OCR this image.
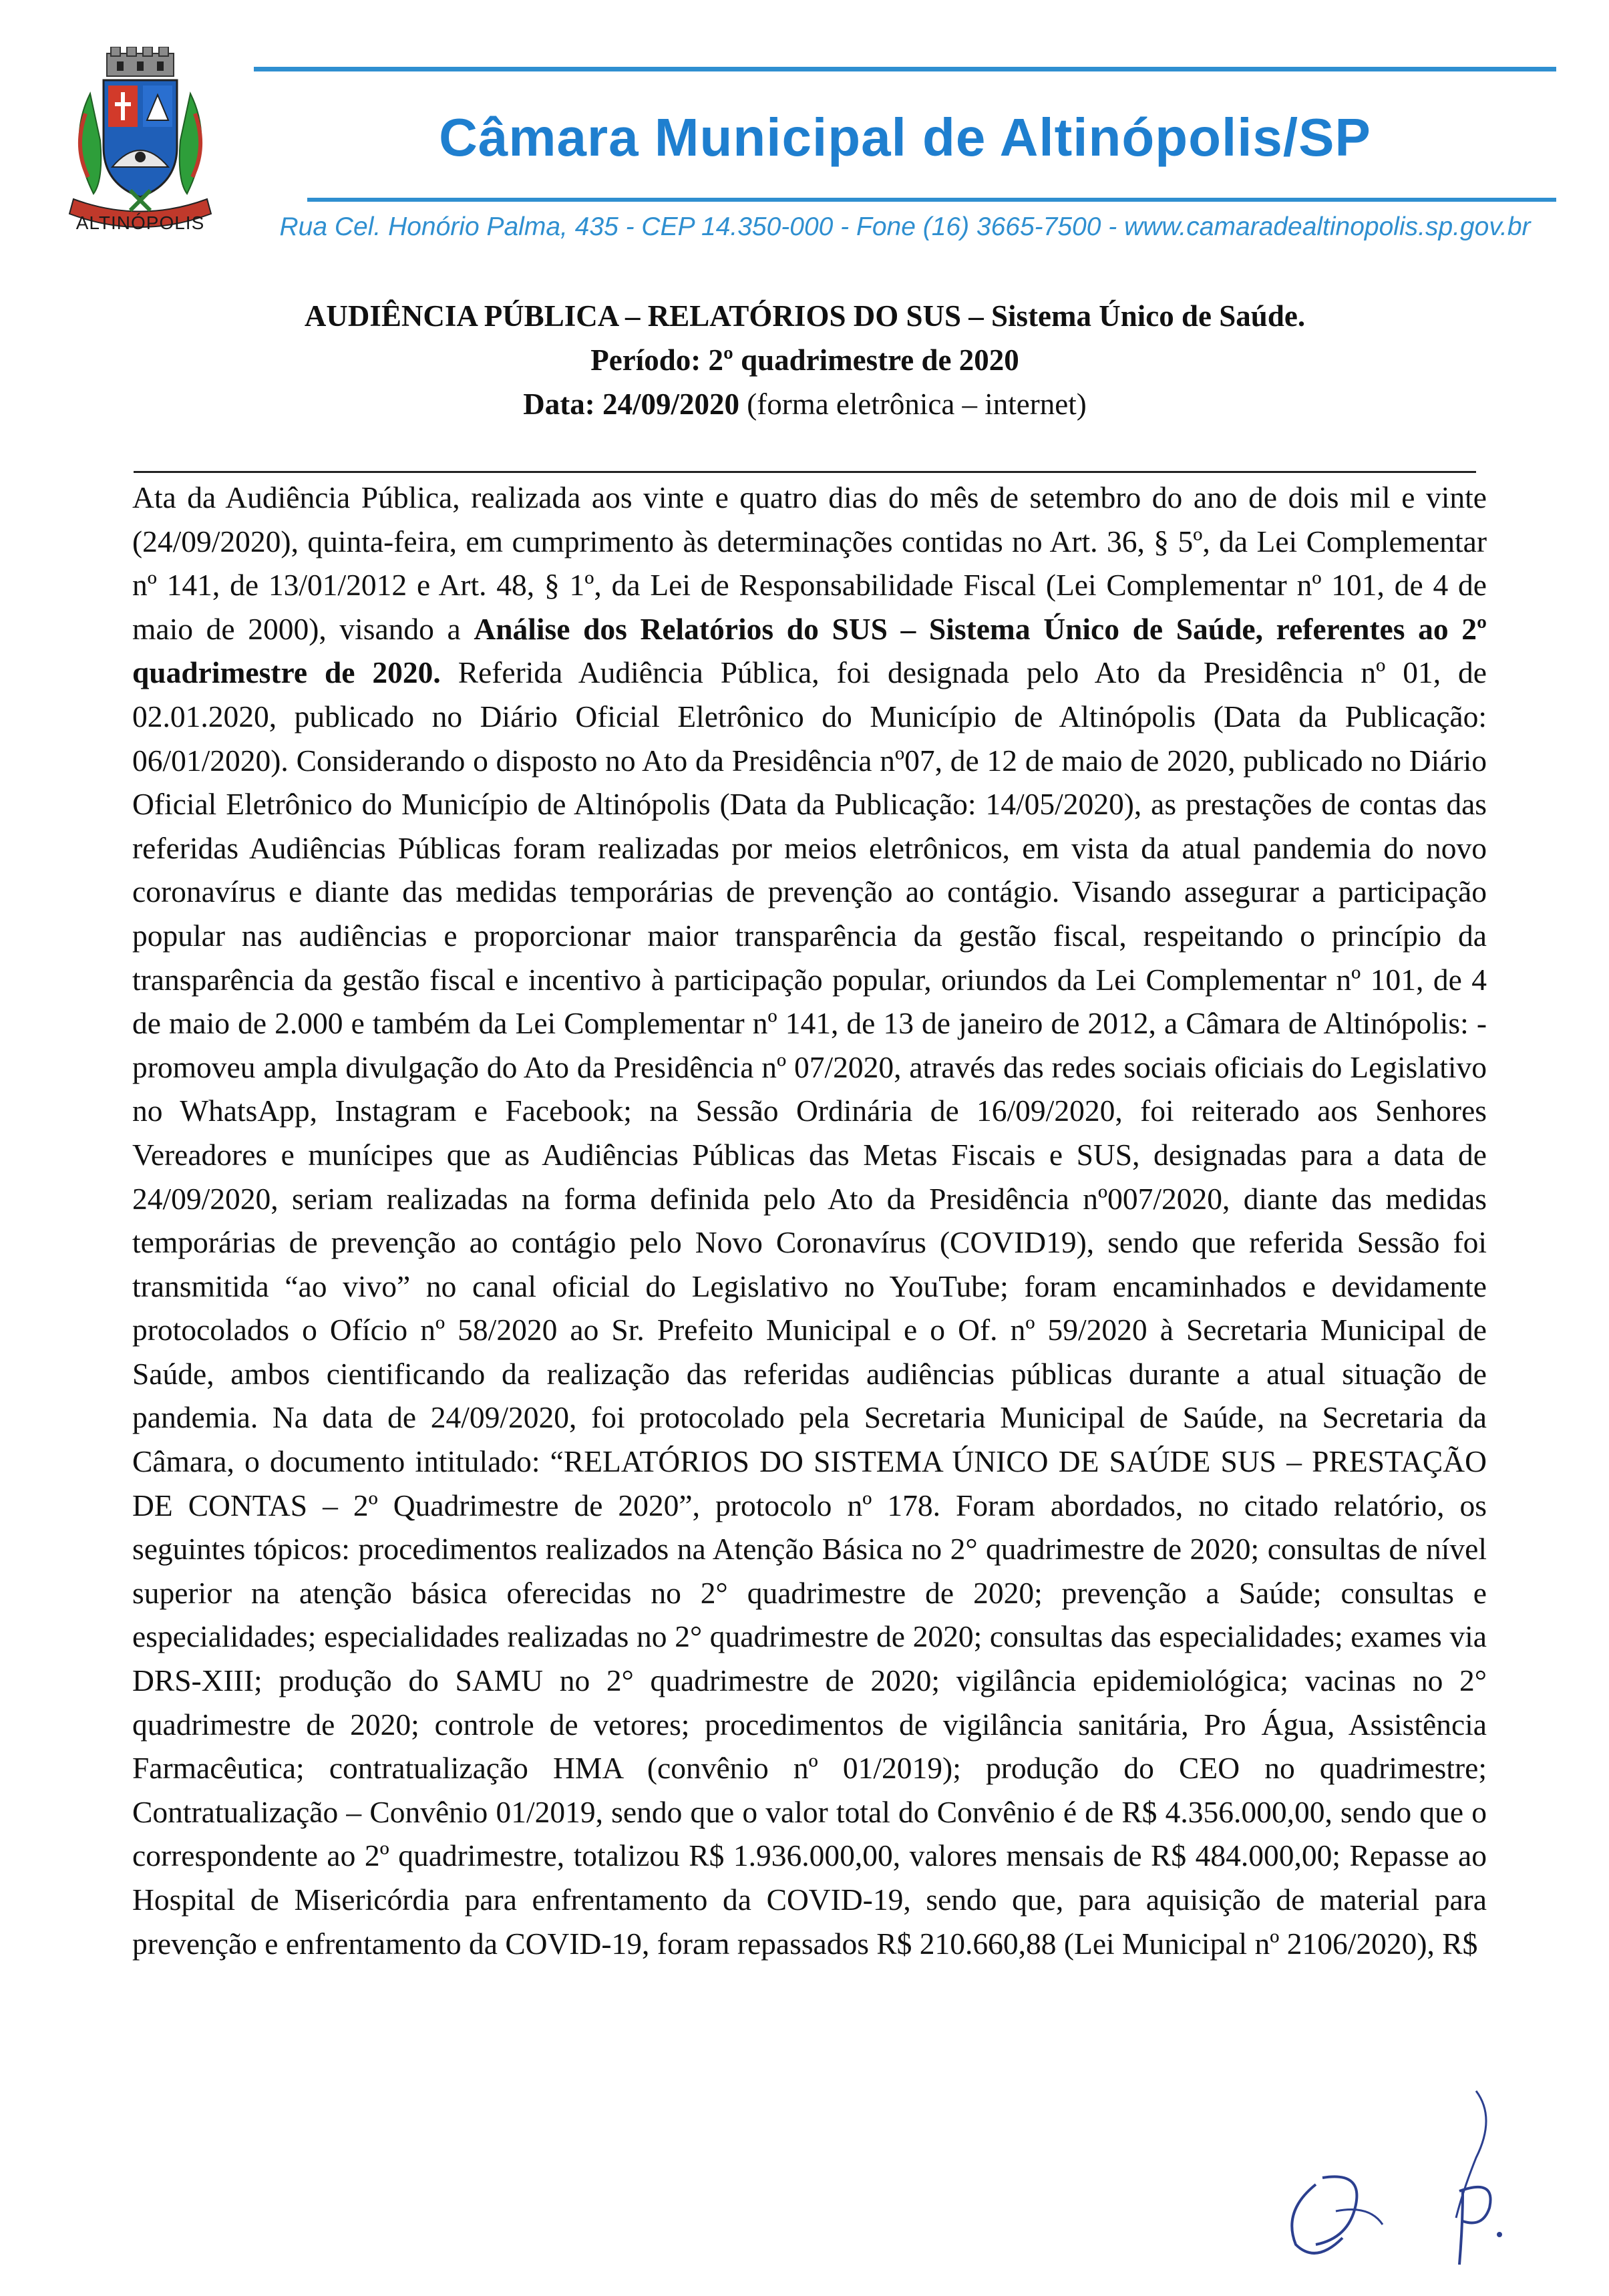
ALTINÓPOLIS
Câmara Municipal de Altinópolis/SP
Rua Cel. Honório Palma, 435 - CEP 14.350-000 - Fone (16) 3665-7500 - www.camaradealtinopolis.sp.gov.br

AUDIÊNCIA PÚBLICA – RELATÓRIOS DO SUS – Sistema Único de Saúde.

Período: 2º quadrimestre de 2020

Data: 24/09/2020 (forma eletrônica – internet)

Ata da Audiência Pública, realizada aos vinte e quatro dias do mês de setembro do ano de dois mil e vinte (24/09/2020), quinta-feira, em cumprimento às determinações contidas no Art. 36, § 5º, da Lei Complementar nº 141, de 13/01/2012 e Art. 48, § 1º, da Lei de Responsabilidade Fiscal (Lei Complementar nº 101, de 4 de maio de 2000), visando a Análise dos Relatórios do SUS – Sistema Único de Saúde, referentes ao 2º quadrimestre de 2020. Referida Audiência Pública, foi designada pelo Ato da Presidência nº 01, de 02.01.2020, publicado no Diário Oficial Eletrônico do Município de Altinópolis (Data da Publicação: 06/01/2020). Considerando o disposto no Ato da Presidência nº07, de 12 de maio de 2020, publicado no Diário Oficial Eletrônico do Município de Altinópolis (Data da Publicação: 14/05/2020), as prestações de contas das referidas Audiências Públicas foram realizadas por meios eletrônicos, em vista da atual pandemia do novo coronavírus e diante das medidas temporárias de prevenção ao contágio. Visando assegurar a participação popular nas audiências e proporcionar maior transparência da gestão fiscal, respeitando o princípio da transparência da gestão fiscal e incentivo à participação popular, oriundos da Lei Complementar nº 101, de 4 de maio de 2.000 e também da Lei Complementar nº 141, de 13 de janeiro de 2012, a Câmara de Altinópolis: - promoveu ampla divulgação do Ato da Presidência nº 07/2020, através das redes sociais oficiais do Legislativo no WhatsApp, Instagram e Facebook; na Sessão Ordinária de 16/09/2020, foi reiterado aos Senhores Vereadores e munícipes que as Audiências Públicas das Metas Fiscais e SUS, designadas para a data de 24/09/2020, seriam realizadas na forma definida pelo Ato da Presidência nº007/2020, diante das medidas temporárias de prevenção ao contágio pelo Novo Coronavírus (COVID19), sendo que referida Sessão foi transmitida “ao vivo” no canal oficial do Legislativo no YouTube; foram encaminhados e devidamente protocolados o Ofício nº 58/2020 ao Sr. Prefeito Municipal e o Of. nº 59/2020 à Secretaria Municipal de Saúde, ambos cientificando da realização das referidas audiências públicas durante a atual situação de pandemia. Na data de 24/09/2020, foi protocolado pela Secretaria Municipal de Saúde, na Secretaria da Câmara, o documento intitulado: “RELATÓRIOS DO SISTEMA ÚNICO DE SAÚDE SUS – PRESTAÇÃO DE CONTAS – 2º Quadrimestre de 2020”, protocolo nº 178. Foram abordados, no citado relatório, os seguintes tópicos: procedimentos realizados na Atenção Básica no 2° quadrimestre de 2020; consultas de nível superior na atenção básica oferecidas no 2° quadrimestre de 2020; prevenção a Saúde; consultas e especialidades; especialidades realizadas no 2° quadrimestre de 2020; consultas das especialidades; exames via DRS-XIII; produção do SAMU no 2° quadrimestre de 2020; vigilância epidemiológica; vacinas no 2° quadrimestre de 2020; controle de vetores; procedimentos de vigilância sanitária, Pro Água, Assistência Farmacêutica; contratualização HMA (convênio nº 01/2019); produção do CEO no quadrimestre; Contratualização – Convênio 01/2019, sendo que o valor total do Convênio é de R$ 4.356.000,00, sendo que o correspondente ao 2º quadrimestre, totalizou R$ 1.936.000,00, valores mensais de R$ 484.000,00; Repasse ao Hospital de Misericórdia para enfrentamento da COVID-19, sendo que, para aquisição de material para prevenção e enfrentamento da COVID-19, foram repassados R$ 210.660,88 (Lei Municipal nº 2106/2020), R$
